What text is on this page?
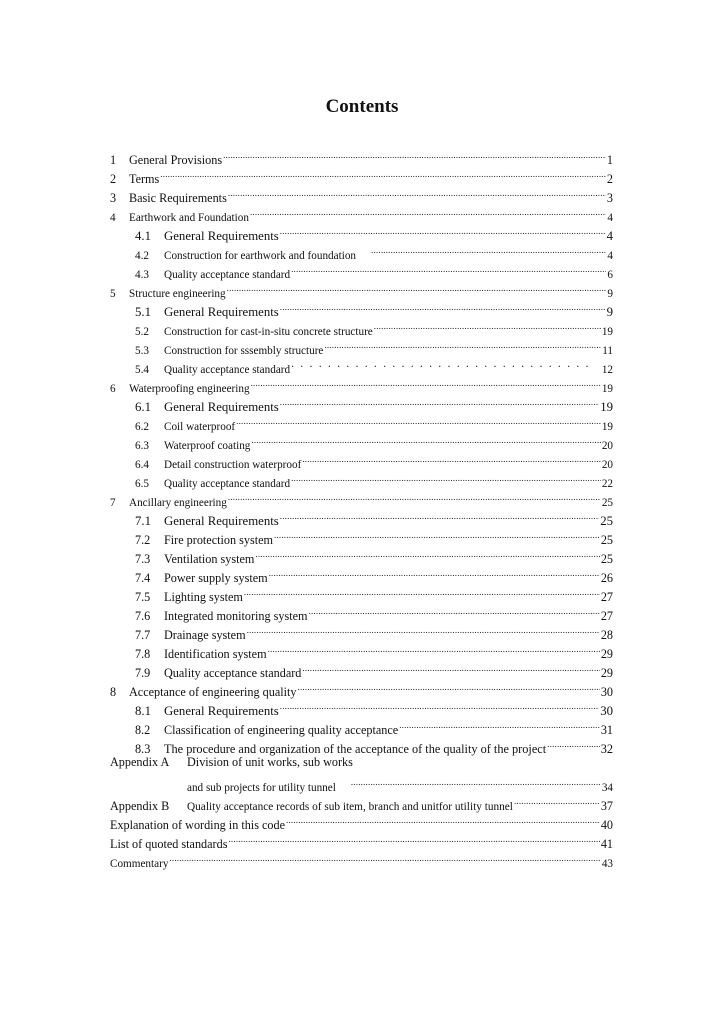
Contents
1	General Provisions .....	1
2	Terms .....	2
3	Basic Requirements .....	3
4	Earthwork and Foundation .....	4
4.1	General Requirements .....	4
4.2	Construction for earthwork and foundation .....	4
4.3	Quality acceptance standard .....	6
5	Structure engineering .....	9
5.1	General Requirements .....	9
5.2	Construction for cast-in-situ concrete structure .....	19
5.3	Construction for sssembly structure .....	11
5.4	Quality acceptance standard . . .	12
6	Waterproofing engineering .....	19
6.1	General Requirements .....	19
6.2	Coil waterproof .....	19
6.3	Waterproof coating .....	20
6.4	Detail construction waterproof .....	20
6.5	Quality acceptance standard .....	22
7	Ancillary engineering .....	25
7.1	General Requirements .....	25
7.2	Fire protection system .....	25
7.3	Ventilation system .....	25
7.4	Power supply system .....	26
7.5	Lighting system .....	27
7.6	Integrated monitoring system .....	27
7.7	Drainage system .....	28
7.8	Identification system .....	29
7.9	Quality acceptance standard .....	29
8	Acceptance of engineering quality .....	30
8.1	General Requirements .....	30
8.2	Classification of engineering quality acceptance .....	31
8.3	The procedure and organization of the acceptance of the quality of the project .....	32
Appendix A Division of unit works, sub works
and sub projects for utility tunnel .....	34
Appendix B	Quality acceptance records of sub item, branch and unitfor utility tunnel .....	37
Explanation of wording in this code .....	40
List of quoted standards .....	41
Commentary .....	43
